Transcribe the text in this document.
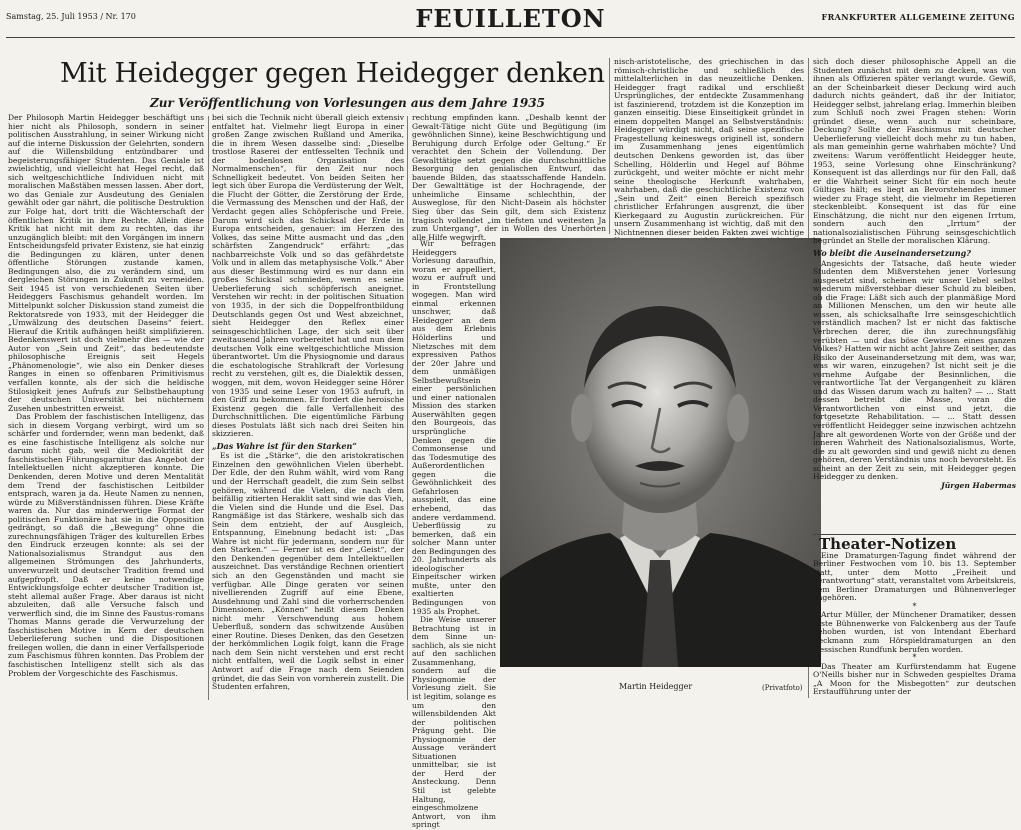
Samstag, 25. Juli 1953 / Nr. 170	FEUILLETON	FRANKFURTER ALLGEMEINE ZEITUNG
Mit Heidegger gegen Heidegger denken
Zur Veröffentlichung von Vorlesungen aus dem Jahre 1935

Der Philosoph Martin Heidegger beschäftigt uns hier nicht als Philosoph, sondern in seiner politischen Ausstrahlung, in seiner Wirkung nicht auf die interne Diskussion der Gelehrten, sondern auf die Willensbildung entzündbarer und begeisterungsfähiger Studenten. Das Geniale ist zwielichtig, und vielleicht hat Hegel recht, daß sich weltgeschichtliche Individuen nicht mit moralischen Maßstäben messen lassen. Aber dort, wo das Geniale zur Ausdeutung des Genialen gewählt oder gar nährt, die politische Destruktion zur Folge hat, dort tritt die Wächterschaft der öffentlichen Kritik in ihre Rechte. Allein diese Kritik hat nicht mit dem zu rechten, das ihr unzugänglich bleibt: mit den Vorgängen im innern Entscheidungsfeld privater Existenz, sie hat einzig die Bedingungen zu klären, unter denen öffentliche Störungen zustande kamen, Bedingungen also, die zu verändern sind, um dergleichen Störungen in Zukunft zu vermeiden. Seit 1945 ist von verschiedenen Seiten über Heideggers Faschismus gehandelt worden. Im Mittelpunkt solcher Diskussion stand zumeist die Rektoratsrede von 1933, mit der Heidegger die „Umwälzung des deutschen Daseins“ feiert. Hierauf die Kritik aufhängen heißt simplifizieren. Bedenkenswert ist doch vielmehr dies — wie der Autor von „Sein und Zeit“, das bedeutendste philosophische Ereignis seit Hegels „Phänomenologie“, wie also ein Denker dieses Ranges in einen so offenbaren Primitivismus verfallen konnte, als der sich die heldische Stilosigkeit jenes Aufrufs zur Selbstbehauptung der deutschen Universität bei nüchternem Zusehen unbestritten erweist.

Das Problem der faschistischen Intelligenz, das sich in diesem Vorgang verbirgt, wird um so schärfer und fordernder, wenn man bedenkt, daß es eine faschistische Intelligenz als solche nur darum nicht gab, weil die Mediokrität der faschistischen Führungsgarnitur das Angebot der Intellektuellen nicht akzeptieren konnte. Die Denkenden, deren Motive und deren Mentalität dem Trend der faschistischen Leitbilder entsprach, waren ja da. Heute Namen zu nennen, würde zu Mißverständnissen führen. Diese Kräfte waren da. Nur das minderwertige Format der politischen Funktionäre hat sie in die Opposition gedrängt, so daß die „Bewegung“ ohne die zurechnungsfähigen Träger des kulturellen Erbes den Eindruck erzeugen konnte: als sei der Nationalsozialismus Strandgut aus den allgemeinen Strömungen des Jahrhunderts, unverwurzelt und deutscher Tradition fremd und aufgepfropft. Daß er keine notwendige Entwicklungsfolge echter deutscher Tradition ist, steht allemal außer Frage. Aber daraus ist nicht abzuleiten, daß alle Versuche falsch und verwerflich sind, die im Sinne des Faustus-romans Thomas Manns gerade die Verwurzelung der faschistischen Motive in Kern der deutschen Ueberlieferung suchen und die Dispositionen freilegen wollen, die dann in einer Verfallsperiode zum Faschismus führen konnten. Das Problem der faschistischen Intelligenz stellt sich als das Problem der Vorgeschichte des Faschismus.

bei sich die Technik nicht überall gleich extensiv entfaltet hat. Vielmehr liegt Europa in einer großen Zange zwischen Rußland und Amerika, die in ihrem Wesen dasselbe sind: „Dieselbe trostlose Raserei der entfesselten Technik und der bodenlosen Organisation des Normalmenschen“, für den Zeit nur noch Schnelligkeit bedeutet. Von beiden Seiten her legt sich über Europa die Verdüsterung der Welt, die Flucht der Götter, die Zerstörung der Erde, die Vermassung des Menschen und der Haß, der Verdacht gegen alles Schöpferische und Freie. Darum wird sich das Schicksal der Erde in Europa entscheiden, genauer: im Herzen des Volkes, das seine Mitte ausmacht und das „den schärfsten Zangendruck“ erfährt: „das nachbarreichste Volk und so das gefährdetste Volk und in allem das metaphysische Volk.“ Aber aus dieser Bestimmung wird es nur dann ein großes Schicksal schmieden, wenn es seine Ueberlieferung sich schöpferisch aneignet. Verstehen wir recht: in der politischen Situation von 1935, in der sich die Doppelfrontbildung Deutschlands gegen Ost und West abzeichnet, sieht Heidegger den Reflex einer seinsgeschichtlichen Lage, der sich seit über zweitausend Jahren vorbereitet hat und nun dem deutschen Volk eine weltgeschichtliche Mission überantwortet. Um die Physiognomie und daraus die eschatologische Strahlkraft der Vorlesung recht zu verstehen, gilt es, die Dialektik dessen, woggen, mit dem, wovon Heidegger seine Hörer von 1935 und seine Leser von 1953 aufruft, in den Griff zu bekommen. Er fordert die heroische Existenz gegen die falle Verfallenheit des Durchschnittlichen. Die eigentümliche Färbung dieses Postulats läßt sich nach drei Seiten hin skizzieren.

„Das Wahre ist für den Starken“

Es ist die „Stärke“, die den aristokratischen Einzelnen den gewöhnlichen Vielen überhebt. Der Edle, der den Ruhm wählt, wird vom Rang und der Herrschaft geadelt, die zum Sein selbst gehören, während die Vielen, die nach dem beifällig zitierten Heraklit satt sind wie das Vieh, die Vielen sind die Hunde und die Esel. Das Rangmäßige ist das Stärkere, weshalb sich das Sein dem entzieht, der auf Ausgleich, Entspannung, Einebnung bedacht ist: „Das Wahre ist nicht für jedermann, sondern nur für den Starken.“ — Ferner ist es der „Geist“, der den Denkenden gegenüber dem Intellektuellen auszeichnet. Das verständige Rechnen orientiert sich an den Gegenständen und macht sie verfügbar. Alle Dinge geraten vor seinen nivellierenden Zugriff auf eine Ebene, Ausdehnung und Zahl sind die vorherrschenden Dimensionen. „Können“ heißt diesem Denken nicht mehr Verschwendung aus hohem Ueberfluß, sondern das schwitzende Ausüben einer Routine. Dieses Denken, das den Gesetzen der herkömmlichen Logik folgt, kann die Frage nach dem Sein nicht verstehen und erst recht nicht entfalten, weil die Logik selbst in einer Antwort auf die Frage nach dem Seienden gründet, die das Sein von vornherein zustellt. Die Studenten erfahren,

rechtung empfinden kann. „Deshalb kennt der Gewalt-Tätige nicht Güte und Begütigung (im gewöhnlichen Sinne), keine Beschwichtigung und Beruhigung durch Erfolge oder Geltung.“ Er verachtet den Schein der Vollendung. Der Gewalttätige setzt gegen die durchschnittliche Besorgung den genialischen Entwurf, das bauende Bilden, das staatsschaffende Handeln. Der Gewalttätige ist der Hochragende, der unheimliche Einsame schlechthin, der Ausweglose, für den Nicht-Dasein als höchster Sieg über das Sein gilt, dem sich Existenz tragisch vollendet „im tiefsten und weitesten Ja zum Untergang“, der in Wollen des Unerhörten alle Hilfe wegwirft.

Wir befragen Heideggers Vorlesung daraufhin, woran er appelliert, wozu er aufruft und in Frontstellung wogegen. Man wird einmal erkennen unschwer, daß Heidegger an dem aus dem Erlebnis Hölderlins und Nietzsches mit dem expressiven Pathos der 20er Jahre und dem unmäßigen Selbstbewußtsein einer persönlichen und einer nationalen Mission des starken Auserwählten gegen den Bourgeois, das ursprüngliche Denken gegen die Commonsense und das Todesmutige des Außerordentlichen gegen die Gewöhnlichkeit des Gefahrlosen ausspielt, das eine erhebend, das andere verdammend. Ueberflüssig zu bemerken, daß ein solcher Mann unter den Bedingungen des 20. Jahrhunderts als ideologischer Einpeitscher wirken mußte, unter den exaltierten Bedingungen von 1935 als Prophet.

Die Weise unserer Betrachtung ist in dem Sinne un-sachlich, als sie nicht auf den sachlichen Zusammenhang, sondern auf die Physiognomie der Vorlesung zielt. Sie ist legitim, solange es um den willensbildenden Akt der politischen Prägung geht. Die Physiognomie der Aussage verändert Situationen unmittelbar, sie ist der Herd der Ansteckung. Denn Stil ist gelebte Haltung, eingeschmolzene Antwort, von ihm springt

nisch-aristotelische, des griechischen in das römisch-christliche und schließlich des mittelalterlichen in das neuzeitliche Denken. Heidegger fragt radikal und erschließt Ursprüngliches, der entdeckte Zusammenhang ist faszinierend, trotzdem ist die Konzeption im ganzen einseitig. Diese Einseitigkeit gründet in einem doppelten Mangel an Selbstverständnis: Heidegger würdigt nicht, daß seine spezifische Fragestellung keineswegs originell ist, sondern im Zusammenhang jenes eigentümlich deutschen Denkens geworden ist, das über Schelling, Hölderlin und Hegel auf Böhme zurückgeht, und weiter möchte er nicht mehr seine theologische Herkunft wahrhaben, wahrhaben, daß die geschichtliche Existenz von „Sein und Zeit“ einen Bereich spezifisch christlicher Erfahrungen ausgrenzt, die über Kierkegaard zu Augustin zurückreichen. Für unsern Zusammenhang ist wichtig, daß mit den Nichtnennen dieser beiden Fakten zwei wichtige

Martin Heidegger	(Privatfoto)

sich doch dieser philosophische Appell an die Studenten zunächst mit dem zu decken, was von ihnen als Offizieren später verlangt wurde. Gewiß, an der Scheinbarkeit dieser Deckung wird auch dadurch nichts geändert, daß ihr der Initiator, Heidegger selbst, jahrelang erlag. Immerhin bleiben zum Schluß noch zwei Fragen stehen: Worin gründet diese, wenn auch nur scheinbare, Deckung? Sollte der Faschismus mit deutscher Ueberlieferung vielleicht doch mehr zu tun haben, als man gemeinhin gerne wahrhaben möchte? Und zweitens: Warum veröffentlicht Heidegger heute, 1953, seine Vorlesung ohne Einschränkung? Konsequent ist das allerdings nur für den Fall, daß er die Wahrheit seiner Sicht für ein noch heute Gültiges hält; es liegt an Bevorstehendes immer wieder zu Frage steht, die vielmehr im Repetieren steckenbleibt. Konsequent ist das für eine Einschätzung, die nicht nur den eigenen Irrtum, sondern auch den „Irrtum“ der nationalsozialistischen Führung seinsgeschichtlich begründet an Stelle der moralischen Klärung.

Wo bleibt die Auseinandersetzung?

Angesichts der Tatsache, daß heute wieder Studenten dem Mißverstehen jener Vorlesung ausgesetzt sind, scheinen wir unser Uebel selbst wiederum mißverstehbar dieser Schuld zu bleiben, ob die Frage: Läßt sich auch der planmäßige Mord an Millionen Menschen, um den wir heute alle wissen, als schicksalhafte Irre seinsgeschichtlich verständlich machen? Ist er nicht das faktische Verbrechen derer, die ihn zurechnungsfähig verübten — und das böse Gewissen eines ganzen Volkes? Hatten wir nicht acht Jahre Zeit seither, das Risiko der Auseinandersetzung mit dem, was war, was wir waren, einzugehen? Ist nicht seit je die vornehme Aufgabe der Besinnlichen, die verantwortliche Tat der Vergangenheit zu klären und das Wissen darum wach zu halten? — ... Statt dessen betreibt die Masse, voran die Verantwortlichen von einst und jetzt, die fortgesetzte Rehabilitation. — ... Statt dessen veröffentlicht Heidegger seine inzwischen achtzehn Jahre alt gewordenen Worte von der Größe und der inneren Wahrheit des Nationalsozialismus, Worte, die zu alt geworden sind und gewiß nicht zu denen gehören, deren Verständnis uns noch bevorsteht. Es scheint an der Zeit zu sein, mit Heidegger gegen Heidegger zu denken.

Jürgen Habermas

Theater-Notizen

Eine Dramaturgen-Tagung findet während der Berliner Festwochen vom 10. bis 13. September statt, unter dem Motto „Freiheit und Verantwortung“ statt, veranstaltet vom Arbeitskreis, dem Berliner Dramaturgen und Bühnenverleger angehören.

*

Artur Müller, der Münchener Dramatiker, dessen erste Bühnenwerke von Falckenberg aus der Taufe gehoben wurden, ist von Intendant Eberhard Beckmann zum Hörspieldramaturgen an den Hessischen Rundfunk berufen worden.

*

Das Theater am Kurfürstendamm hat Eugene O'Neills bisher nur in Schweden gespieltes Drama „A Moon for the Misbegotten“ zur deutschen Erstaufführung unter der
